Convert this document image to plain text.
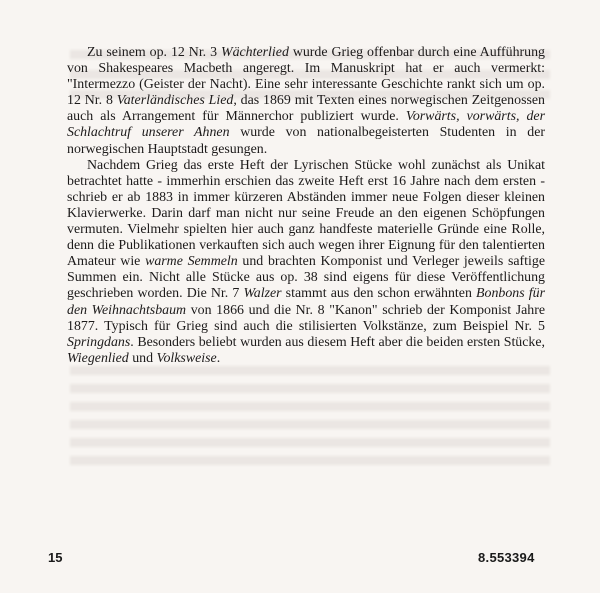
Zu seinem op. 12 Nr. 3 Wächterlied wurde Grieg offenbar durch eine Aufführung von Shakespeares Macbeth angeregt. Im Manuskript hat er auch vermerkt: "Intermezzo (Geister der Nacht). Eine sehr interessante Geschichte rankt sich um op. 12 Nr. 8 Vaterländisches Lied, das 1869 mit Texten eines norwegischen Zeitgenossen auch als Arrangement für Männerchor publiziert wurde. Vorwärts, vorwärts, der Schlachtruf unserer Ahnen wurde von nationalbegeisterten Studenten in der norwegischen Hauptstadt gesungen.

Nachdem Grieg das erste Heft der Lyrischen Stücke wohl zunächst als Unikat betrachtet hatte - immerhin erschien das zweite Heft erst 16 Jahre nach dem ersten - schrieb er ab 1883 in immer kürzeren Abständen immer neue Folgen dieser kleinen Klavierwerke. Darin darf man nicht nur seine Freude an den eigenen Schöpfungen vermuten. Vielmehr spielten hier auch ganz handfeste materielle Gründe eine Rolle, denn die Publikationen verkauften sich auch wegen ihrer Eignung für den talentierten Amateur wie warme Semmeln und brachten Komponist und Verleger jeweils saftige Summen ein. Nicht alle Stücke aus op. 38 sind eigens für diese Veröffentlichung geschrieben worden. Die Nr. 7 Walzer stammt aus den schon erwähnten Bonbons für den Weihnachtsbaum von 1866 und die Nr. 8 "Kanon" schrieb der Komponist Jahre 1877. Typisch für Grieg sind auch die stilisierten Volkstänze, zum Beispiel Nr. 5 Springdans. Besonders beliebt wurden aus diesem Heft aber die beiden ersten Stücke, Wiegenlied und Volksweise.

15	8.553394
